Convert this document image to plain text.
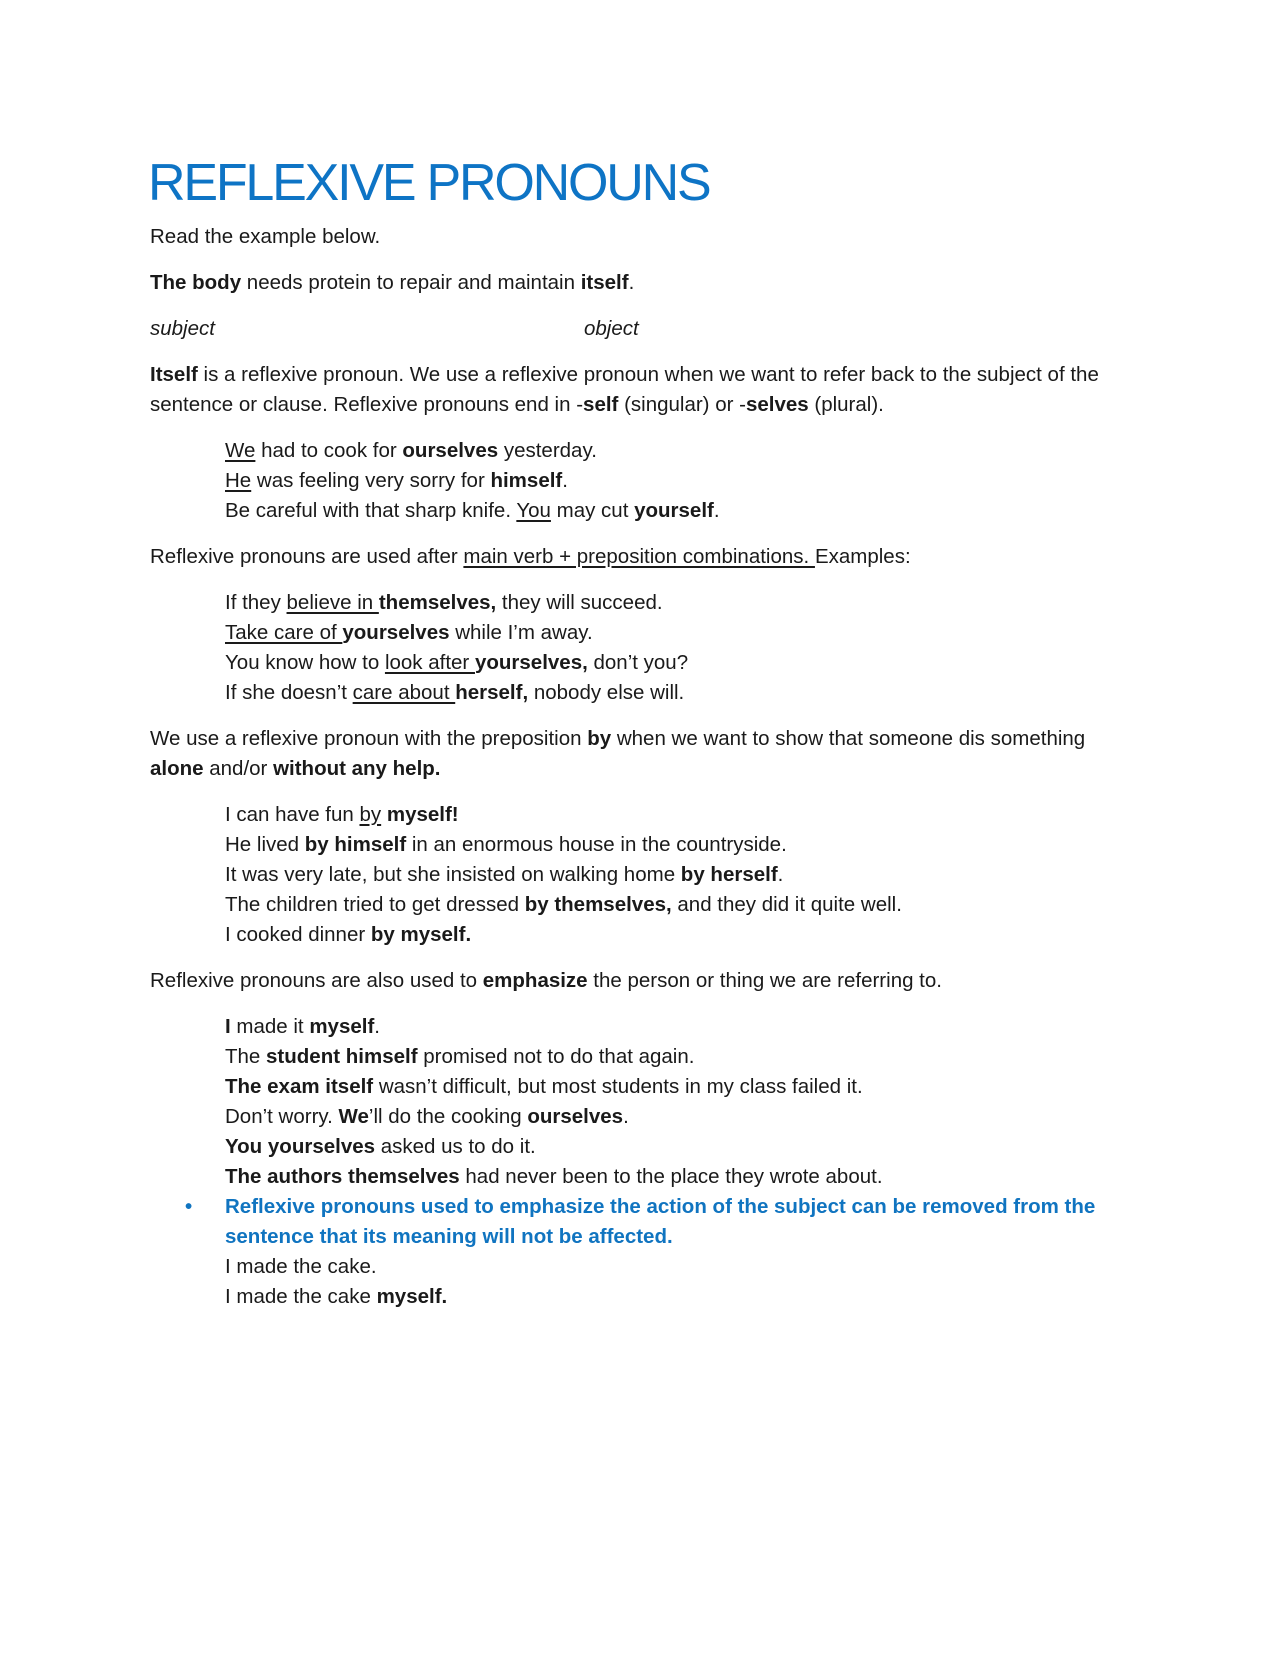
REFLEXIVE PRONOUNS

Read the example below.

The body needs protein to repair and maintain itself.

subject	object

Itself is a reflexive pronoun. We use a reflexive pronoun when we want to refer back to the subject of the sentence or clause. Reflexive pronouns end in -self (singular) or -selves (plural).

We had to cook for ourselves yesterday.
He was feeling very sorry for himself.
Be careful with that sharp knife. You may cut yourself.

Reflexive pronouns are used after main verb + preposition combinations. Examples:

If they believe in themselves, they will succeed.
Take care of yourselves while I’m away.
You know how to look after yourselves, don’t you?
If she doesn’t care about herself, nobody else will.

We use a reflexive pronoun with the preposition by when we want to show that someone dis something alone and/or without any help.

I can have fun by myself!
He lived by himself in an enormous house in the countryside.
It was very late, but she insisted on walking home by herself.
The children tried to get dressed by themselves, and they did it quite well.
I cooked dinner by myself.

Reflexive pronouns are also used to emphasize the person or thing we are referring to.

I made it myself.
The student himself promised not to do that again.
The exam itself wasn’t difficult, but most students in my class failed it.
Don’t worry. We’ll do the cooking ourselves.
You yourselves asked us to do it.
The authors themselves had never been to the place they wrote about.
• Reflexive pronouns used to emphasize the action of the subject can be removed from the sentence that its meaning will not be affected.
I made the cake.
I made the cake myself.
